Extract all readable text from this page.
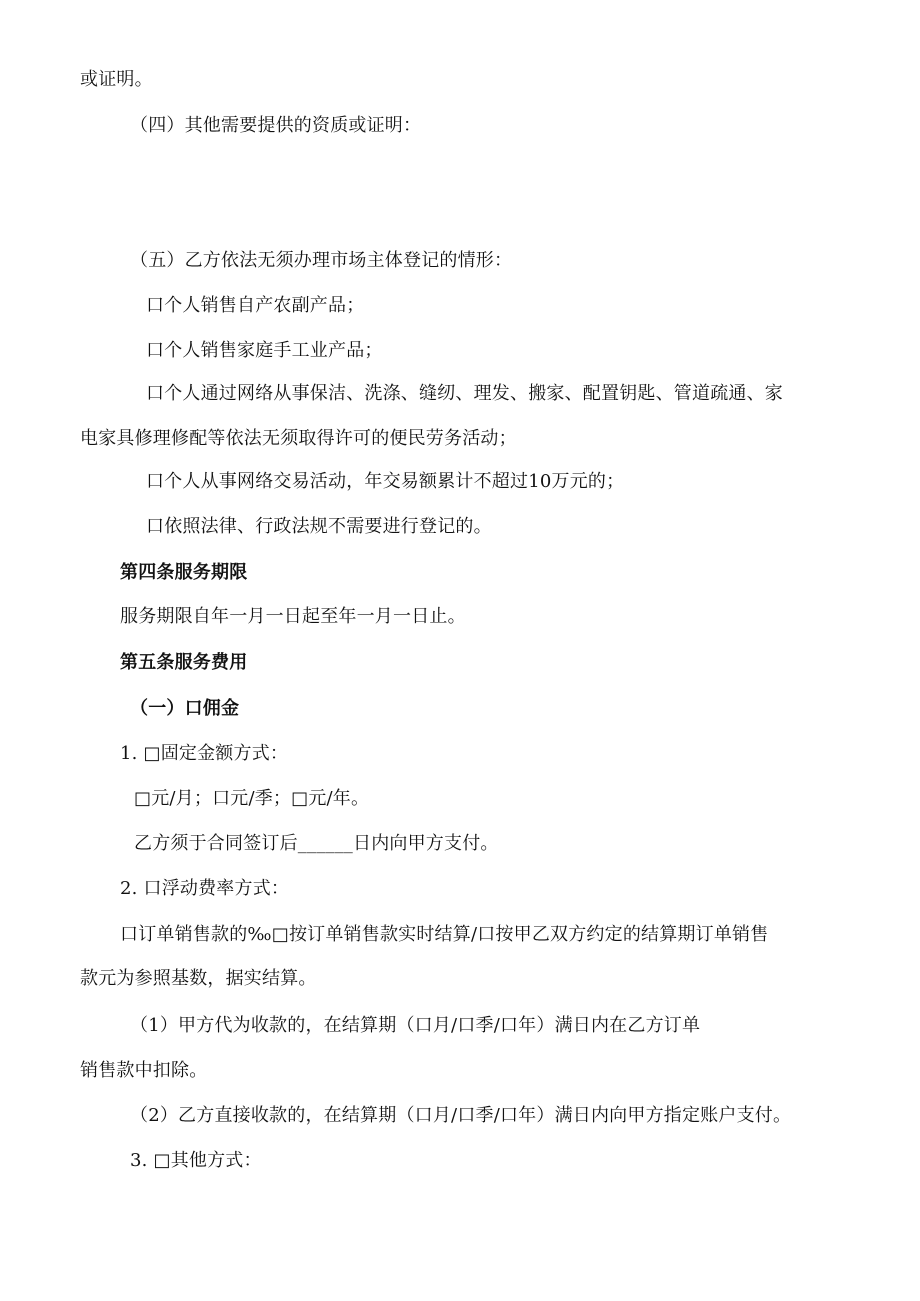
或证明。
（四）其他需要提供的资质或证明：
（五）乙方依法无须办理市场主体登记的情形：
口个人销售自产农副产品；
口个人销售家庭手工业产品；
口个人通过网络从事保洁、洗涤、缝纫、理发、搬家、配置钥匙、管道疏通、家
电家具修理修配等依法无须取得许可的便民劳务活动；
口个人从事网络交易活动，年交易额累计不超过10万元的；
口依照法律、行政法规不需要进行登记的。
第四条服务期限
服务期限自年一月一日起至年一月一日止。
第五条服务费用
（一）口佣金
1. □固定金额方式：
□元/月；口元/季；□元/年。
乙方须于合同签订后______日内向甲方支付。
2. 口浮动费率方式：
口订单销售款的‰□按订单销售款实时结算/口按甲乙双方约定的结算期订单销售
款元为参照基数，据实结算。
（1）甲方代为收款的，在结算期（口月/口季/口年）满日内在乙方订单
销售款中扣除。
（2）乙方直接收款的，在结算期（口月/口季/口年）满日内向甲方指定账户支付。
3. □其他方式：
